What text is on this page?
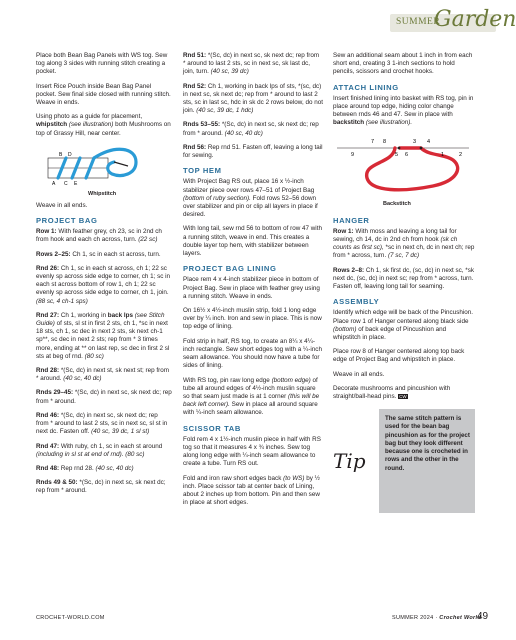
SUMMER
Garden

Place both Bean Bag Panels with WS tog. Sew tog along 3 sides with running stitch creating a pocket.

Insert Rice Pouch inside Bean Bag Panel pocket. Sew final side closed with running stitch. Weave in ends.

Using photo as a guide for placement, whipstitch (see illustration) both Mushrooms on top of Grassy Hill, near center.

B D
A C E
Whipstitch

Weave in all ends.

PROJECT BAG

Row 1: With feather grey, ch 23, sc in 2nd ch from hook and each ch across, turn. (22 sc)

Rows 2–25: Ch 1, sc in each st across, turn.

Rnd 26: Ch 1, sc in each st across, ch 1; 22 sc evenly sp across side edge to corner, ch 1; sc in each st across bottom of row 1, ch 1; 22 sc evenly sp across side edge to corner, ch 1, join. (88 sc, 4 ch-1 sps)

Rnd 27: Ch 1, working in back lps (see Stitch Guide) of sts, sl st in first 2 sts, ch 1, *sc in next 18 sts, ch 1, sc dec in next 2 sts, sk next ch-1 sp**, sc dec in next 2 sts; rep from * 3 times more, ending at ** on last rep, sc dec in first 2 sl sts at beg of rnd. (80 sc)

Rnd 28: *(Sc, dc) in next st, sk next st; rep from * around. (40 sc, 40 dc)

Rnds 29–45: *(Sc, dc) in next sc, sk next dc; rep from * around.

Rnd 46: *(Sc, dc) in next sc, sk next dc; rep from * around to last 2 sts, sc in next sc, sl st in next dc. Fasten off. (40 sc, 39 dc, 1 sl st)

Rnd 47: With ruby, ch 1, sc in each st around (including in sl st at end of rnd). (80 sc)

Rnd 48: Rep rnd 28. (40 sc, 40 dc)

Rnds 49 & 50: *(Sc, dc) in next sc, sk next dc; rep from * around.

Rnd 51: *(Sc, dc) in next sc, sk next dc; rep from * around to last 2 sts, sc in next sc, sk last dc, join, turn. (40 sc, 39 dc)

Rnd 52: Ch 1, working in back lps of sts, *(sc, dc) in next sc, sk next dc; rep from * around to last 2 sts, sc in last sc, hdc in sk dc 2 rows below, do not join. (40 sc, 39 dc, 1 hdc)

Rnds 53–55: *(Sc, dc) in next sc, sk next dc; rep from * around. (40 sc, 40 dc)

Rnd 56: Rep rnd 51. Fasten off, leaving a long tail for sewing.

TOP HEM

With Project Bag RS out, place 16 x ½-inch stabilizer piece over rows 47–51 of Project Bag (bottom of ruby section). Fold rows 52–56 down over stabilizer and pin or clip all layers in place if desired.

With long tail, sew rnd 56 to bottom of row 47 with a running stitch, weave in end. This creates a double layer top hem, with stabilizer between layers.

PROJECT BAG LINING

Place rem 4 x 4-inch stabilizer piece in bottom of Project Bag. Sew in place with feather grey using a running stitch. Weave in ends.

On 16½ x 4½-inch muslin strip, fold 1 long edge over by ¼ inch. Iron and sew in place. This is now top edge of lining.

Fold strip in half, RS tog, to create an 8¼ x 4¼-inch rectangle. Sew short edges tog with a ¼-inch seam allowance. You should now have a tube for sides of lining.

With RS tog, pin raw long edge (bottom edge) of tube all around edges of 4½-inch muslin square so that seam just made is at 1 corner (this will be back left corner). Sew in place all around square with ¼-inch seam allowance.

SCISSOR TAB

Fold rem 4 x 1½-inch muslin piece in half with RS tog so that it measures 4 x ¾ inches. Sew tog along long edge with ¼-inch seam allowance to create a tube. Turn RS out.

Fold and iron raw short edges back (to WS) by ½ inch. Place scissor tab at center back of Lining, about 2 inches up from bottom. Pin and then sew in place at short edges.

Sew an additional seam about 1 inch in from each short end, creating 3 1-inch sections to hold pencils, scissors and crochet hooks.

ATTACH LINING

Insert finished lining into basket with RS tog, pin in place around top edge, hiding color change between rnds 46 and 47. Sew in place with backstitch (see illustration).

7 8	3 4
9	5 6	1	2
Backstitch
HANGER

Row 1: With moss and leaving a long tail for sewing, ch 14, dc in 2nd ch from hook (sk ch counts as first sc), *sc in next ch, dc in next ch; rep from * across, turn. (7 sc, 7 dc)

Rows 2–8: Ch 1, sk first dc, (sc, dc) in next sc, *sk next dc, (sc, dc) in next sc; rep from * across, turn. Fasten off, leaving long tail for seaming.

ASSEMBLY

Identify which edge will be back of the Pincushion. Place row 1 of Hanger centered along black side (bottom) of back edge of Pincushion and whipstitch in place.

Place row 8 of Hanger centered along top back edge of Project Bag and whipstitch in place.

Weave in all ends.

Decorate mushrooms and pincushion with straight/ball-head pins. CW

Tip
The same stitch pattern is used for the bean bag pincushion as for the project bag but they look different because one is crocheted in rows and the other in the round.
CROCHET-WORLD.COM	SUMMER 2024 · Crochet World
49
